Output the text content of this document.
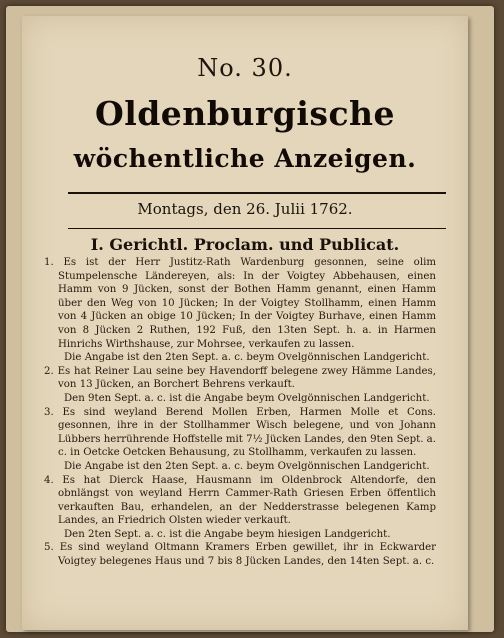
No. 30.
Oldenburgische
wöchentliche Anzeigen.
Montags, den 26. Julii 1762.
I. Gerichtl. Proclam. und Publicat.
1. Es ist der Herr Justitz-Rath Wardenburg gesonnen, seine olim Stumpelensche Ländereyen, als: In der Voigtey Abbehausen, einen Hamm von 9 Jücken, sonst der Bothen Hamm genannt, einen Hamm über den Weg von 10 Jücken; In der Voigtey Stollhamm, einen Hamm von 4 Jücken an obige 10 Jücken; In der Voigtey Burhave, einen Hamm von 8 Jücken 2 Ruthen, 192 Fuß, den 13ten Sept. h. a. in Harmen Hinrichs Wirthshause, zur Mohrsee, verkaufen zu lassen.
Die Angabe ist den 2ten Sept. a. c. beym Ovelgönnischen Landgericht.
2. Es hat Reiner Lau seine bey Havendorff belegene zwey Hämme Landes, von 13 Jücken, an Borchert Behrens verkauft.
Den 9ten Sept. a. c. ist die Angabe beym Ovelgönnischen Landgericht.
3. Es sind weyland Berend Mollen Erben, Harmen Molle et Cons. gesonnen, ihre in der Stollhammer Wisch belegene, und von Johann Lübbers herrührende Hoffstelle mit 7½ Jücken Landes, den 9ten Sept. a. c. in Oetcke Oetcken Behausung, zu Stollhamm, verkaufen zu lassen.
Die Angabe ist den 2ten Sept. a. c. beym Ovelgönnischen Landgericht.
4. Es hat Dierck Haase, Hausmann im Oldenbrock Altendorfe, den obnlängst von weyland Herrn Cammer-Rath Griesen Erben öffentlich verkauften Bau, erhandelen, an der Nedderstrasse belegenen Kamp Landes, an Friedrich Olsten wieder verkauft.
Den 2ten Sept. a. c. ist die Angabe beym hiesigen Landgericht.
5. Es sind weyland Oltmann Kramers Erben gewillet, ihr in Eckwarder Voigtey belegenes Haus und 7 bis 8 Jücken Landes, den 14ten Sept. a. c.
